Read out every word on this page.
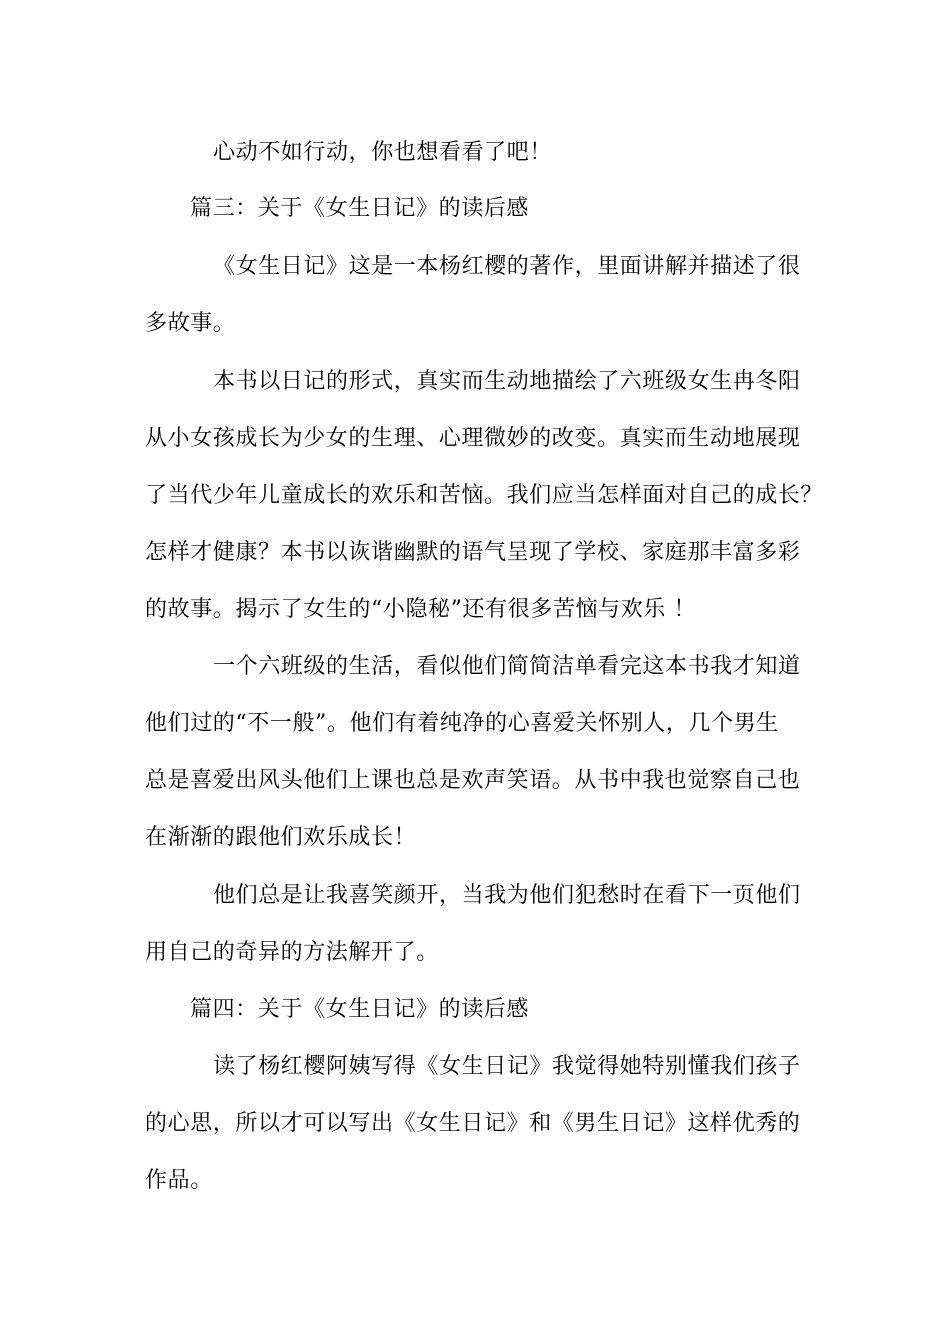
心动不如行动，你也想看看了吧！
篇三：关于《女生日记》的读后感
《女生日记》这是一本杨红樱的著作，里面讲解并描述了很
多故事。
本书以日记的形式，真实而生动地描绘了六班级女生冉冬阳
从小女孩成长为少女的生理、心理微妙的改变。真实而生动地展现
了当代少年儿童成长的欢乐和苦恼。我们应当怎样面对自己的成长？
怎样才健康？本书以诙谐幽默的语气呈现了学校、家庭那丰富多彩
的故事。揭示了女生的“小隐秘”还有很多苦恼与欢乐 ！
一个六班级的生活，看似他们简简洁单看完这本书我才知道
他们过的“不一般”。他们有着纯净的心喜爱关怀别人，几个男生
总是喜爱出风头他们上课也总是欢声笑语。从书中我也觉察自己也
在渐渐的跟他们欢乐成长！
他们总是让我喜笑颜开，当我为他们犯愁时在看下一页他们
用自己的奇异的方法解开了。
篇四：关于《女生日记》的读后感
读了杨红樱阿姨写得《女生日记》我觉得她特别懂我们孩子
的心思，所以才可以写出《女生日记》和《男生日记》这样优秀的
作品。
